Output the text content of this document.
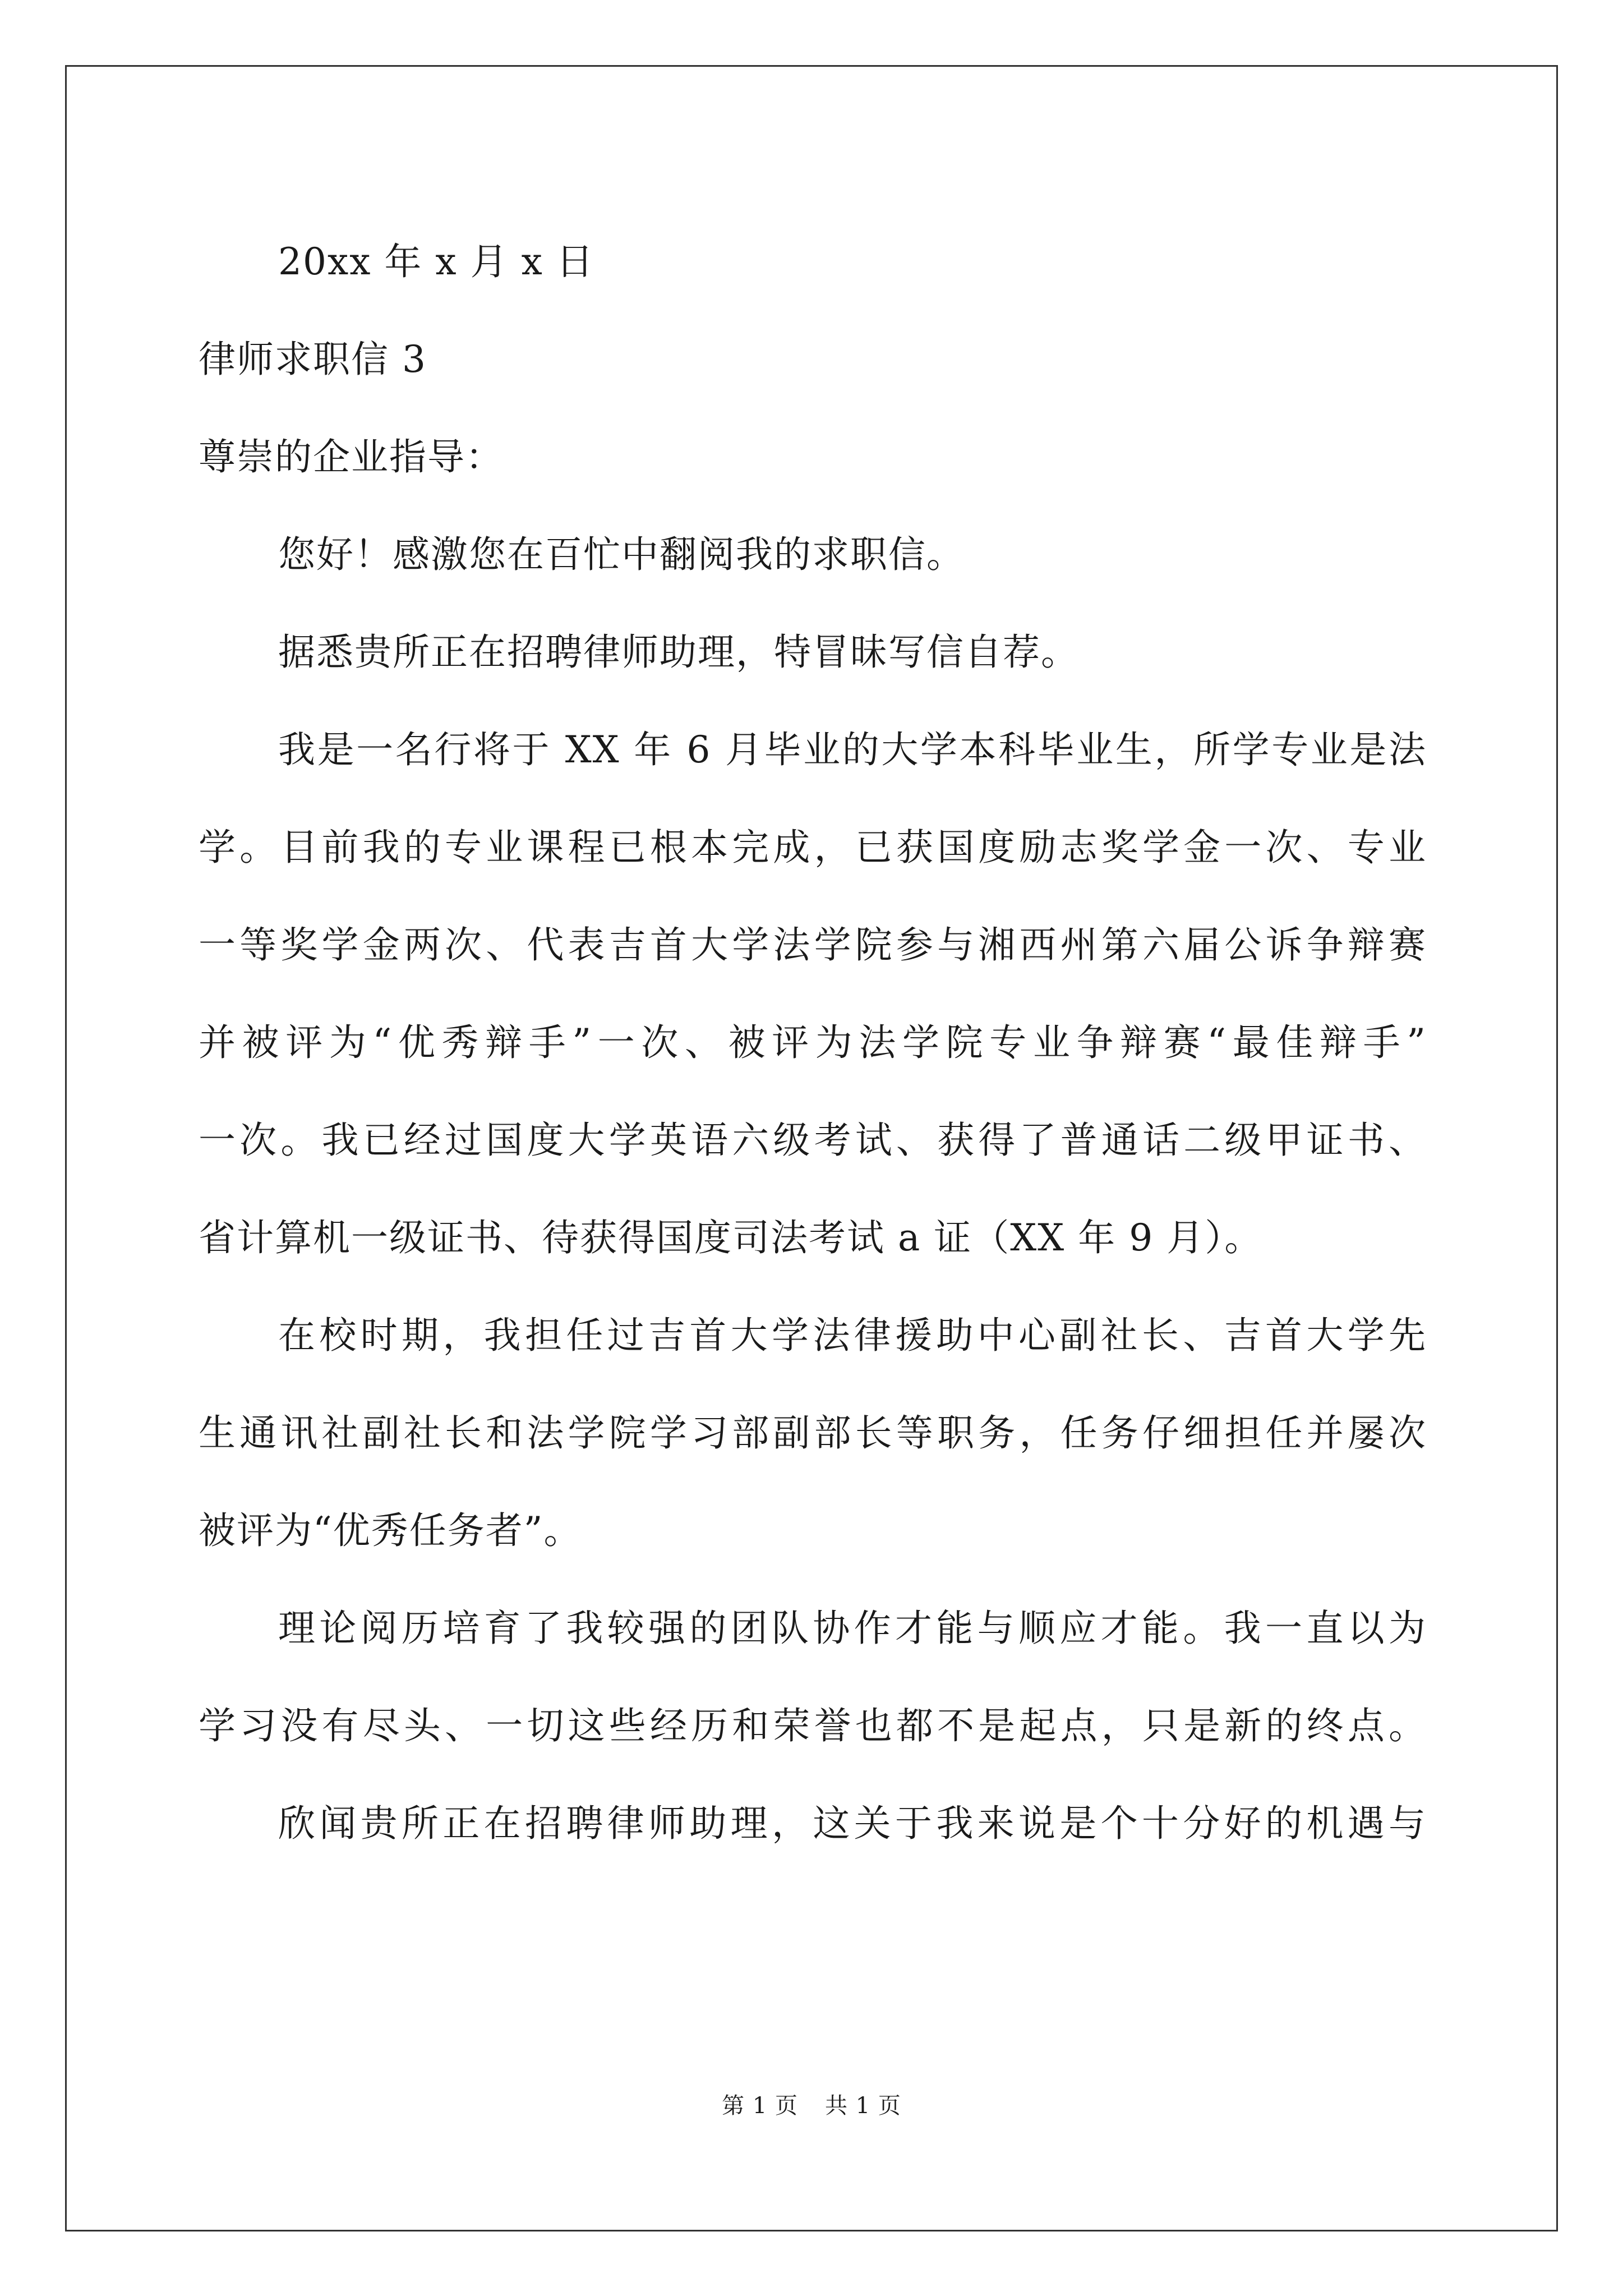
20xx 年 x 月 x 日
律师求职信 3
尊崇的企业指导：
您好！感激您在百忙中翻阅我的求职信。
据悉贵所正在招聘律师助理，特冒昧写信自荐。
我是一名行将于 XX 年 6 月毕业的大学本科毕业生，所学专业是法
学。目前我的专业课程已根本完成，已获国度励志奖学金一次、专业
一等奖学金两次、代表吉首大学法学院参与湘西州第六届公诉争辩赛
并被评为“优秀辩手”一次、被评为法学院专业争辩赛“最佳辩手”
一次。我已经过国度大学英语六级考试、获得了普通话二级甲证书、
省计算机一级证书、待获得国度司法考试 a 证（XX 年 9 月）。
在校时期，我担任过吉首大学法律援助中心副社长、吉首大学先
生通讯社副社长和法学院学习部副部长等职务，任务仔细担任并屡次
被评为“优秀任务者”。
理论阅历培育了我较强的团队协作才能与顺应才能。我一直以为
学习没有尽头、一切这些经历和荣誉也都不是起点，只是新的终点。
欣闻贵所正在招聘律师助理，这关于我来说是个十分好的机遇与
第 1 页 共 1 页
